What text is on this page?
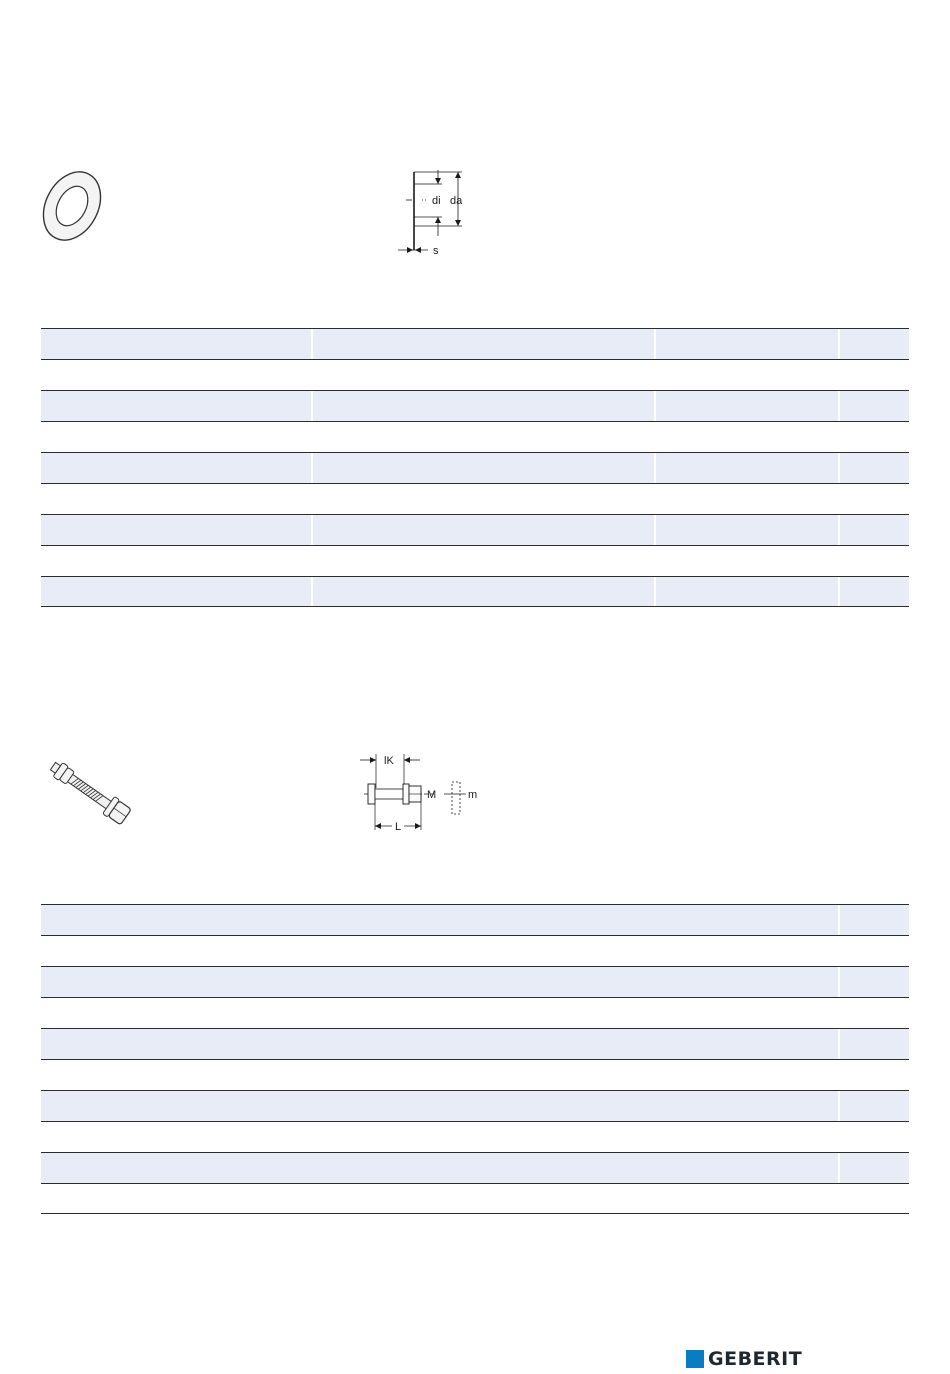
di da
s
lK
M	m
L
GEBERIT
